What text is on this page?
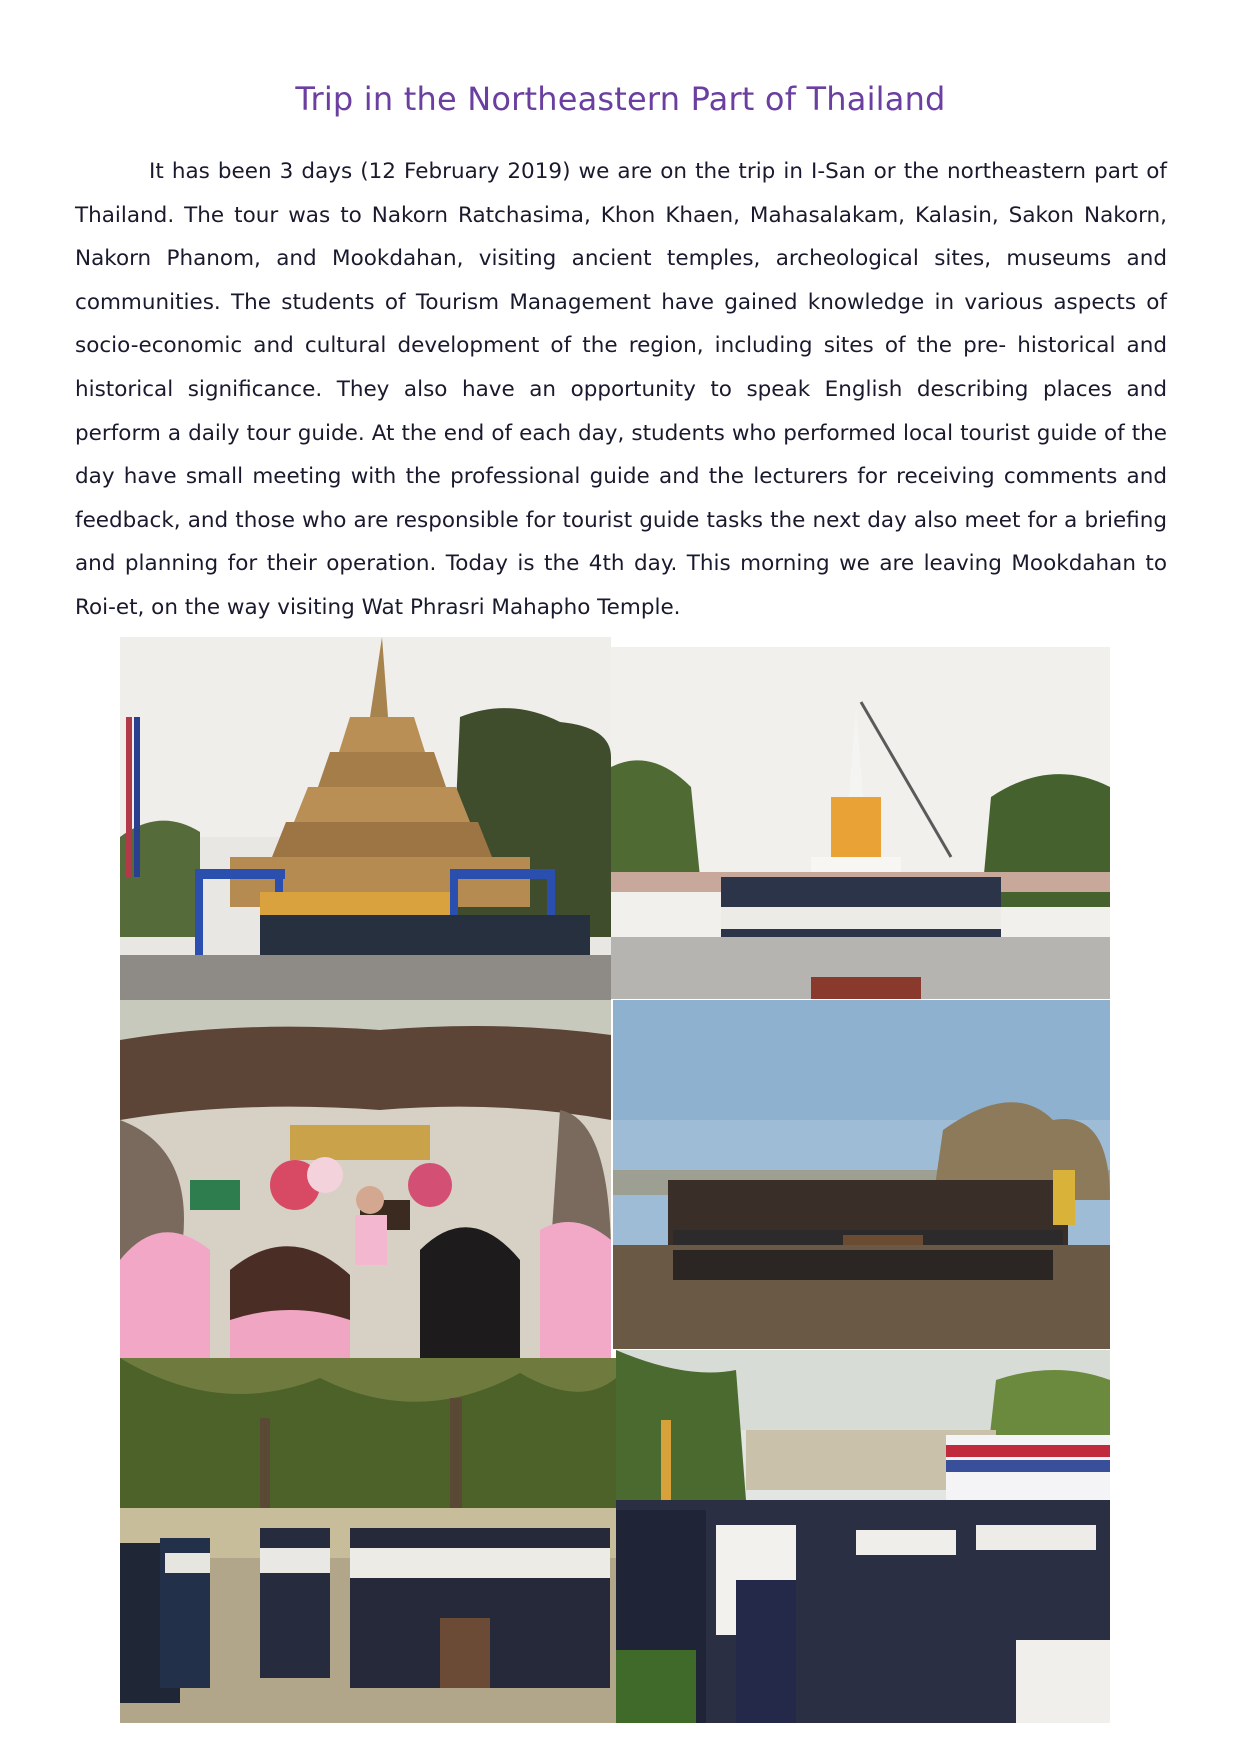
Trip in the Northeastern Part of Thailand
It has been 3 days (12 February 2019) we are on the trip in I-San or the northeastern part of Thailand. The tour was to Nakorn Ratchasima, Khon Khaen, Mahasalakam, Kalasin, Sakon Nakorn, Nakorn Phanom, and Mookdahan, visiting ancient temples, archeological sites, museums and communities. The students of Tourism Management have gained knowledge in various aspects of socio-economic and cultural development of the region, including sites of the pre- historical and historical significance. They also have an opportunity to speak English describing places and perform a daily tour guide. At the end of each day, students who performed local tourist guide of the day have small meeting with the professional guide and the lecturers for receiving comments and feedback, and those who are responsible for tourist guide tasks the next day also meet for a briefing and planning for their operation. Today is the 4th day. This morning we are leaving Mookdahan to Roi-et, on the way visiting Wat Phrasri Mahapho Temple.
